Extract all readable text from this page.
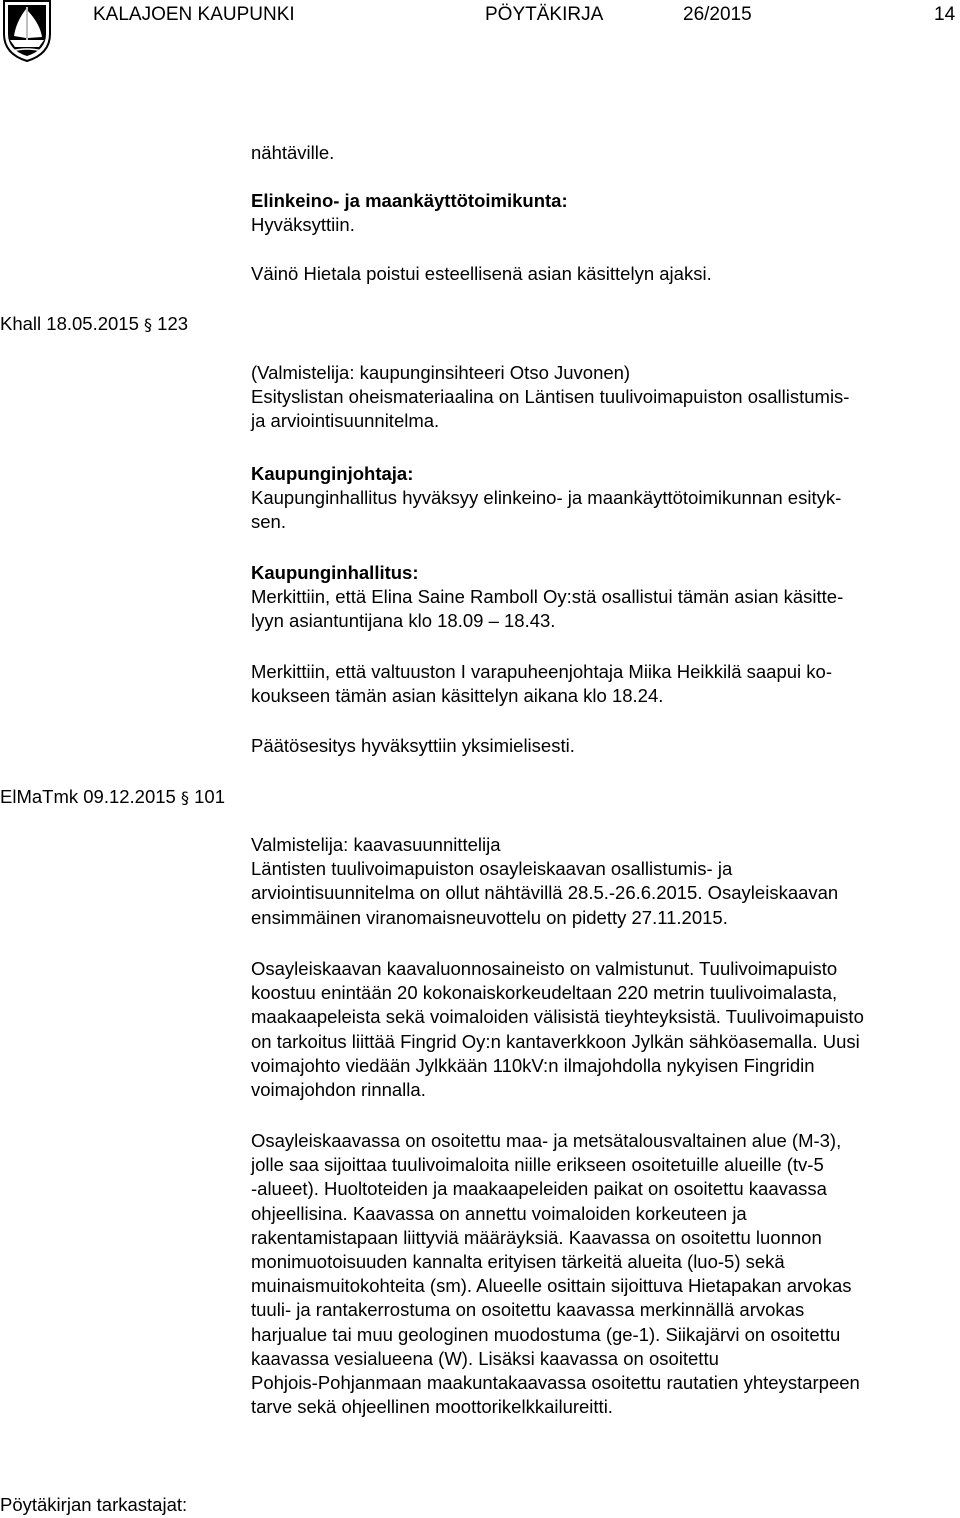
KALAJOEN KAUPUNKI	PÖYTÄKIRJA	26/2015	14
Khall 18.05.2015 § 123
ElMaTmk 09.12.2015 § 101
nähtäville.
Elinkeino- ja maankäyttötoimikunta:
Hyväksyttiin.
Väinö Hietala poistui esteellisenä asian käsittelyn ajaksi.
(Valmistelija: kaupunginsihteeri Otso Juvonen)
Esityslistan oheismateriaalina on Läntisen tuulivoimapuiston osallistumis-
ja arviointisuunnitelma.
Kaupunginjohtaja:
Kaupunginhallitus hyväksyy elinkeino- ja maankäyttötoimikunnan esityk-
sen.
Kaupunginhallitus:
Merkittiin, että Elina Saine Ramboll Oy:stä osallistui tämän asian käsitte-
lyyn asiantuntijana klo 18.09 – 18.43.
Merkittiin, että valtuuston I varapuheenjohtaja Miika Heikkilä saapui ko-
koukseen tämän asian käsittelyn aikana klo 18.24.
Päätösesitys hyväksyttiin yksimielisesti.
Valmistelija: kaavasuunnittelija
Läntisten tuulivoimapuiston osayleiskaavan osallistumis- ja
arviointisuunnitelma on ollut nähtävillä 28.5.-26.6.2015. Osayleiskaavan
ensimmäinen viranomaisneuvottelu on pidetty 27.11.2015.
Osayleiskaavan kaavaluonnosaineisto on valmistunut. Tuulivoimapuisto
koostuu enintään 20 kokonaiskorkeudeltaan 220 metrin tuulivoimalasta,
maakaapeleista sekä voimaloiden välisistä tieyhteyksistä. Tuulivoimapuisto
on tarkoitus liittää Fingrid Oy:n kantaverkkoon Jylkän sähköasemalla. Uusi
voimajohto viedään Jylkkään 110kV:n ilmajohdolla nykyisen Fingridin
voimajohdon rinnalla.
Osayleiskaavassa on osoitettu maa- ja metsätalousvaltainen alue (M-3),
jolle saa sijoittaa tuulivoimaloita niille erikseen osoitetuille alueille (tv-5
-alueet). Huoltoteiden ja maakaapeleiden paikat on osoitettu kaavassa
ohjeellisina. Kaavassa on annettu voimaloiden korkeuteen ja
rakentamistapaan liittyviä määräyksiä. Kaavassa on osoitettu luonnon
monimuotoisuuden kannalta erityisen tärkeitä alueita (luo-5) sekä
muinaismuitokohteita (sm). Alueelle osittain sijoittuva Hietapakan arvokas
tuuli- ja rantakerrostuma on osoitettu kaavassa merkinnällä arvokas
harjualue tai muu geologinen muodostuma (ge-1). Siikajärvi on osoitettu
kaavassa vesialueena (W). Lisäksi kaavassa on osoitettu
Pohjois-Pohjanmaan maakuntakaavassa osoitettu rautatien yhteystarpeen
tarve sekä ohjeellinen moottorikelkkailureitti.
Pöytäkirjan tarkastajat:
